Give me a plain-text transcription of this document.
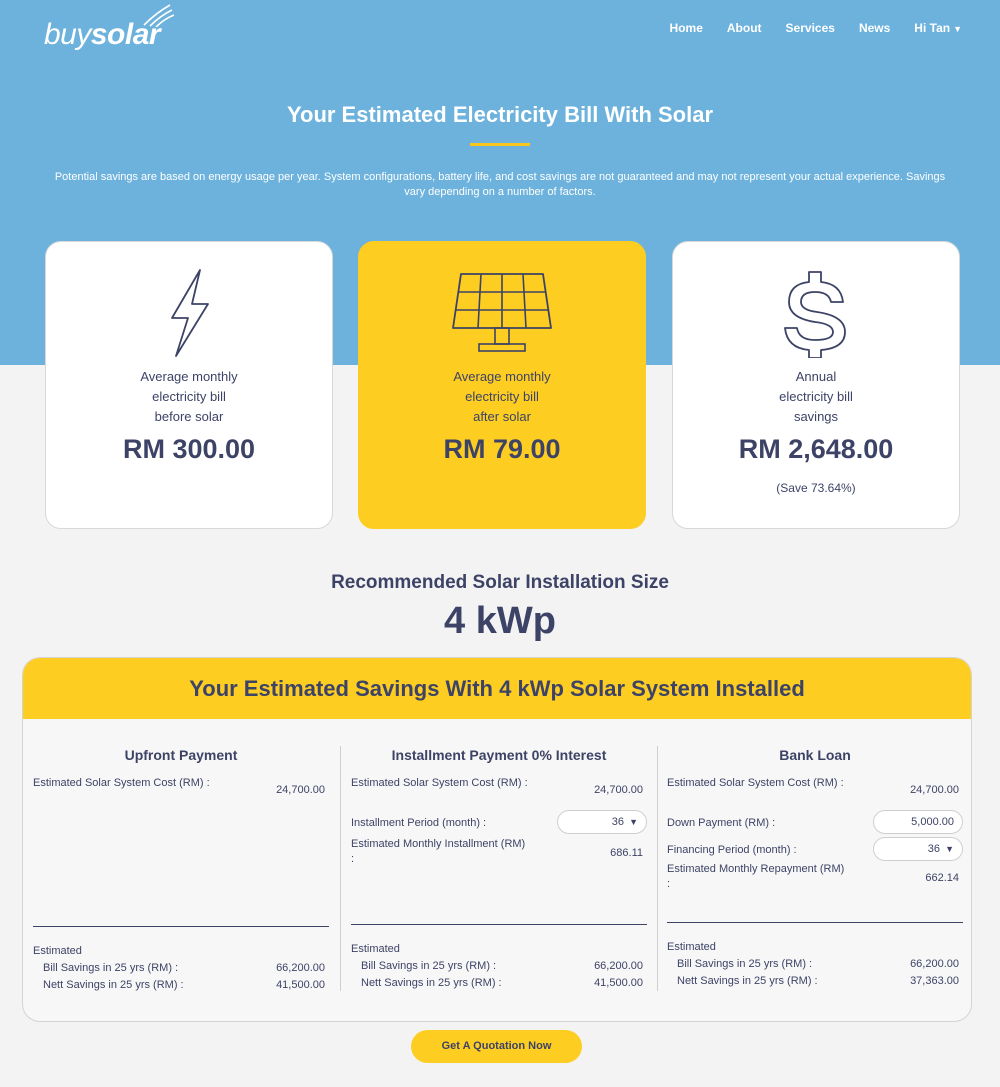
buysolar	Home About Services News Hi Tan ▼
Your Estimated Electricity Bill With Solar
Potential savings are based on energy usage per year. System configurations, battery life, and cost savings are not guaranteed and may not represent your actual experience. Savings vary depending on a number of factors.
Average monthly
electricity bill
before solar
RM 300.00
Average monthly
electricity bill
after solar
RM 79.00
Annual
electricity bill
savings
RM 2,648.00
(Save 73.64%)
Recommended Solar Installation Size
4 kWp
Your Estimated Savings With 4 kWp Solar System Installed
Upfront Payment
Estimated Solar System Cost (RM) :
24,700.00
Estimated
Bill Savings in 25 yrs (RM) :	66,200.00
Nett Savings in 25 yrs (RM) :	41,500.00
Installment Payment 0% Interest
Estimated Solar System Cost (RM) :
24,700.00
Installment Period (month) :	36 ▼
Estimated Monthly Installment (RM) :	686.11
Estimated
Bill Savings in 25 yrs (RM) :	66,200.00
Nett Savings in 25 yrs (RM) :	41,500.00
Bank Loan
Estimated Solar System Cost (RM) :
24,700.00
Down Payment (RM) :	5,000.00
Financing Period (month) :	36 ▼
Estimated Monthly Repayment (RM) :	662.14
Estimated
Bill Savings in 25 yrs (RM) :	66,200.00
Nett Savings in 25 yrs (RM) :	37,363.00
Get A Quotation Now
